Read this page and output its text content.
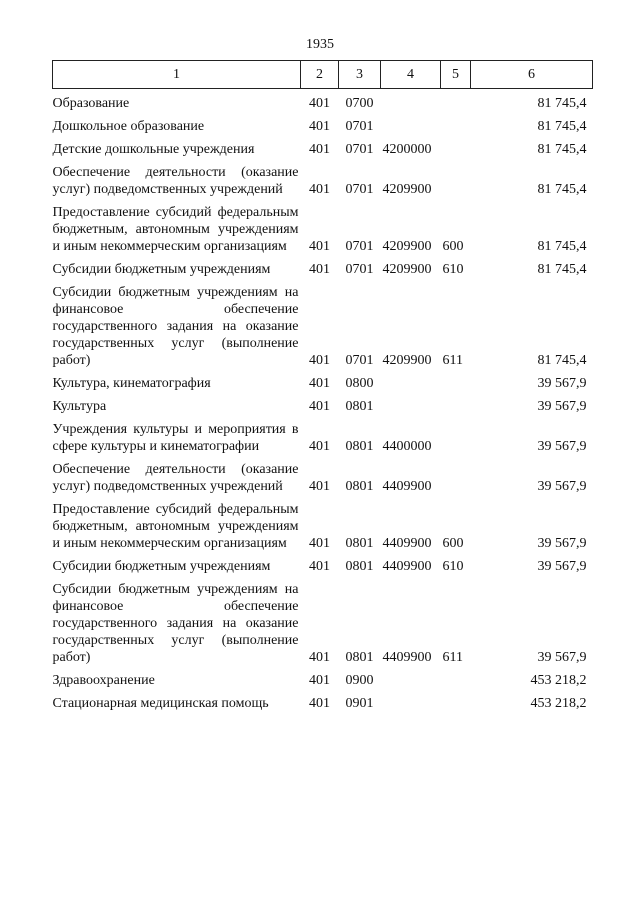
1935
1	2	3	4	5	6
Образование	401	0700			81 745,4
Дошкольное образование	401	0701			81 745,4
Детские дошкольные учреждения	401	0701	4200000		81 745,4
Обеспечение деятельности (оказание услуг) подведомственных учреждений	401	0701	4209900		81 745,4
Предоставление субсидий федеральным бюджетным, автономным учреждениям и иным некоммерческим организациям	401	0701	4209900	600	81 745,4
Субсидии бюджетным учреждениям	401	0701	4209900	610	81 745,4
Субсидии бюджетным учреждениям на финансовое обеспечение государственного задания на оказание государственных услуг (выполнение работ)	401	0701	4209900	611	81 745,4
Культура, кинематография	401	0800			39 567,9
Культура	401	0801			39 567,9
Учреждения культуры и мероприятия в сфере культуры и кинематографии	401	0801	4400000		39 567,9
Обеспечение деятельности (оказание услуг) подведомственных учреждений	401	0801	4409900		39 567,9
Предоставление субсидий федеральным бюджетным, автономным учреждениям и иным некоммерческим организациям	401	0801	4409900	600	39 567,9
Субсидии бюджетным учреждениям	401	0801	4409900	610	39 567,9
Субсидии бюджетным учреждениям на финансовое обеспечение государственного задания на оказание государственных услуг (выполнение работ)	401	0801	4409900	611	39 567,9
Здравоохранение	401	0900			453 218,2
Стационарная медицинская помощь	401	0901			453 218,2
